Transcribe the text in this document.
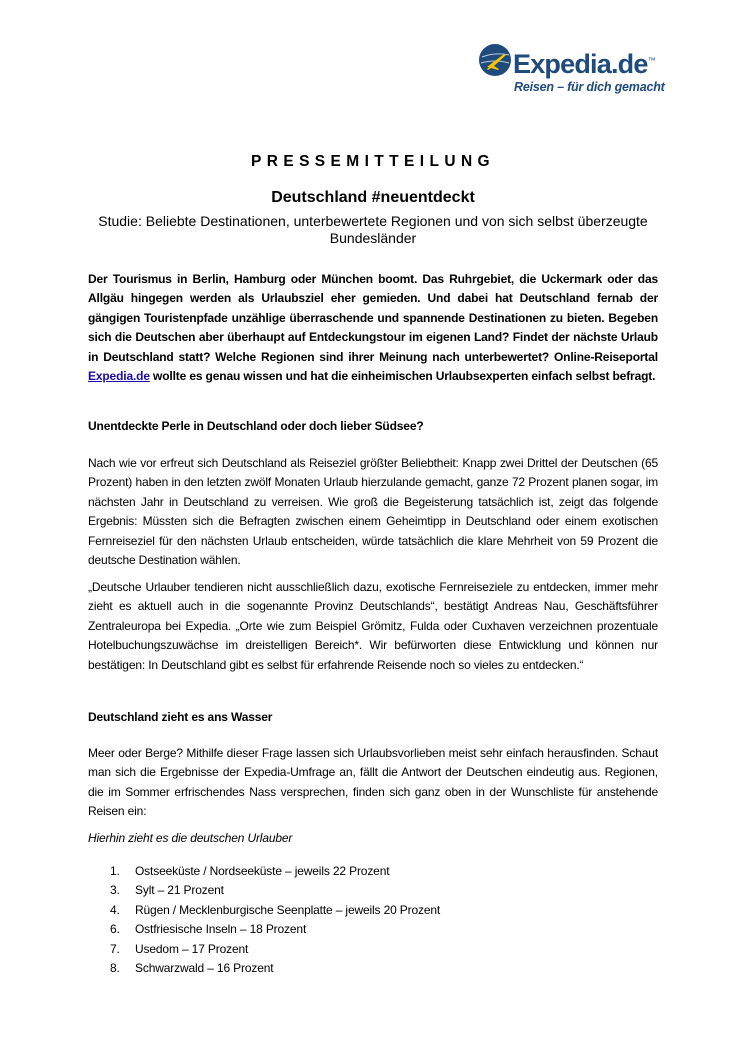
Expedia.de™
Reisen – für dich gemacht
PRESSEMITTEILUNG
Deutschland #neuentdeckt
Studie: Beliebte Destinationen, unterbewertete Regionen und von sich selbst überzeugte Bundesländer
Der Tourismus in Berlin, Hamburg oder München boomt. Das Ruhrgebiet, die Uckermark oder das Allgäu hingegen werden als Urlaubsziel eher gemieden. Und dabei hat Deutschland fernab der gängigen Touristenpfade unzählige überraschende und spannende Destinationen zu bieten. Begeben sich die Deutschen aber überhaupt auf Entdeckungstour im eigenen Land? Findet der nächste Urlaub in Deutschland statt? Welche Regionen sind ihrer Meinung nach unterbewertet? Online-Reiseportal Expedia.de wollte es genau wissen und hat die einheimischen Urlaubsexperten einfach selbst befragt.
Unentdeckte Perle in Deutschland oder doch lieber Südsee?
Nach wie vor erfreut sich Deutschland als Reiseziel größter Beliebtheit: Knapp zwei Drittel der Deutschen (65 Prozent) haben in den letzten zwölf Monaten Urlaub hierzulande gemacht, ganze 72 Prozent planen sogar, im nächsten Jahr in Deutschland zu verreisen. Wie groß die Begeisterung tatsächlich ist, zeigt das folgende Ergebnis: Müssten sich die Befragten zwischen einem Geheimtipp in Deutschland oder einem exotischen Fernreiseziel für den nächsten Urlaub entscheiden, würde tatsächlich die klare Mehrheit von 59 Prozent die deutsche Destination wählen.
„Deutsche Urlauber tendieren nicht ausschließlich dazu, exotische Fernreiseziele zu entdecken, immer mehr zieht es aktuell auch in die sogenannte Provinz Deutschlands“, bestätigt Andreas Nau, Geschäftsführer Zentraleuropa bei Expedia. „Orte wie zum Beispiel Grömitz, Fulda oder Cuxhaven verzeichnen prozentuale Hotelbuchungszuwächse im dreistelligen Bereich*. Wir befürworten diese Entwicklung und können nur bestätigen: In Deutschland gibt es selbst für erfahrende Reisende noch so vieles zu entdecken.“
Deutschland zieht es ans Wasser
Meer oder Berge? Mithilfe dieser Frage lassen sich Urlaubsvorlieben meist sehr einfach herausfinden. Schaut man sich die Ergebnisse der Expedia-Umfrage an, fällt die Antwort der Deutschen eindeutig aus. Regionen, die im Sommer erfrischendes Nass versprechen, finden sich ganz oben in der Wunschliste für anstehende Reisen ein:
Hierhin zieht es die deutschen Urlauber
1. Ostseeküste / Nordseeküste – jeweils 22 Prozent
3. Sylt – 21 Prozent
4. Rügen / Mecklenburgische Seenplatte – jeweils 20 Prozent
6. Ostfriesische Inseln – 18 Prozent
7. Usedom – 17 Prozent
8. Schwarzwald – 16 Prozent
